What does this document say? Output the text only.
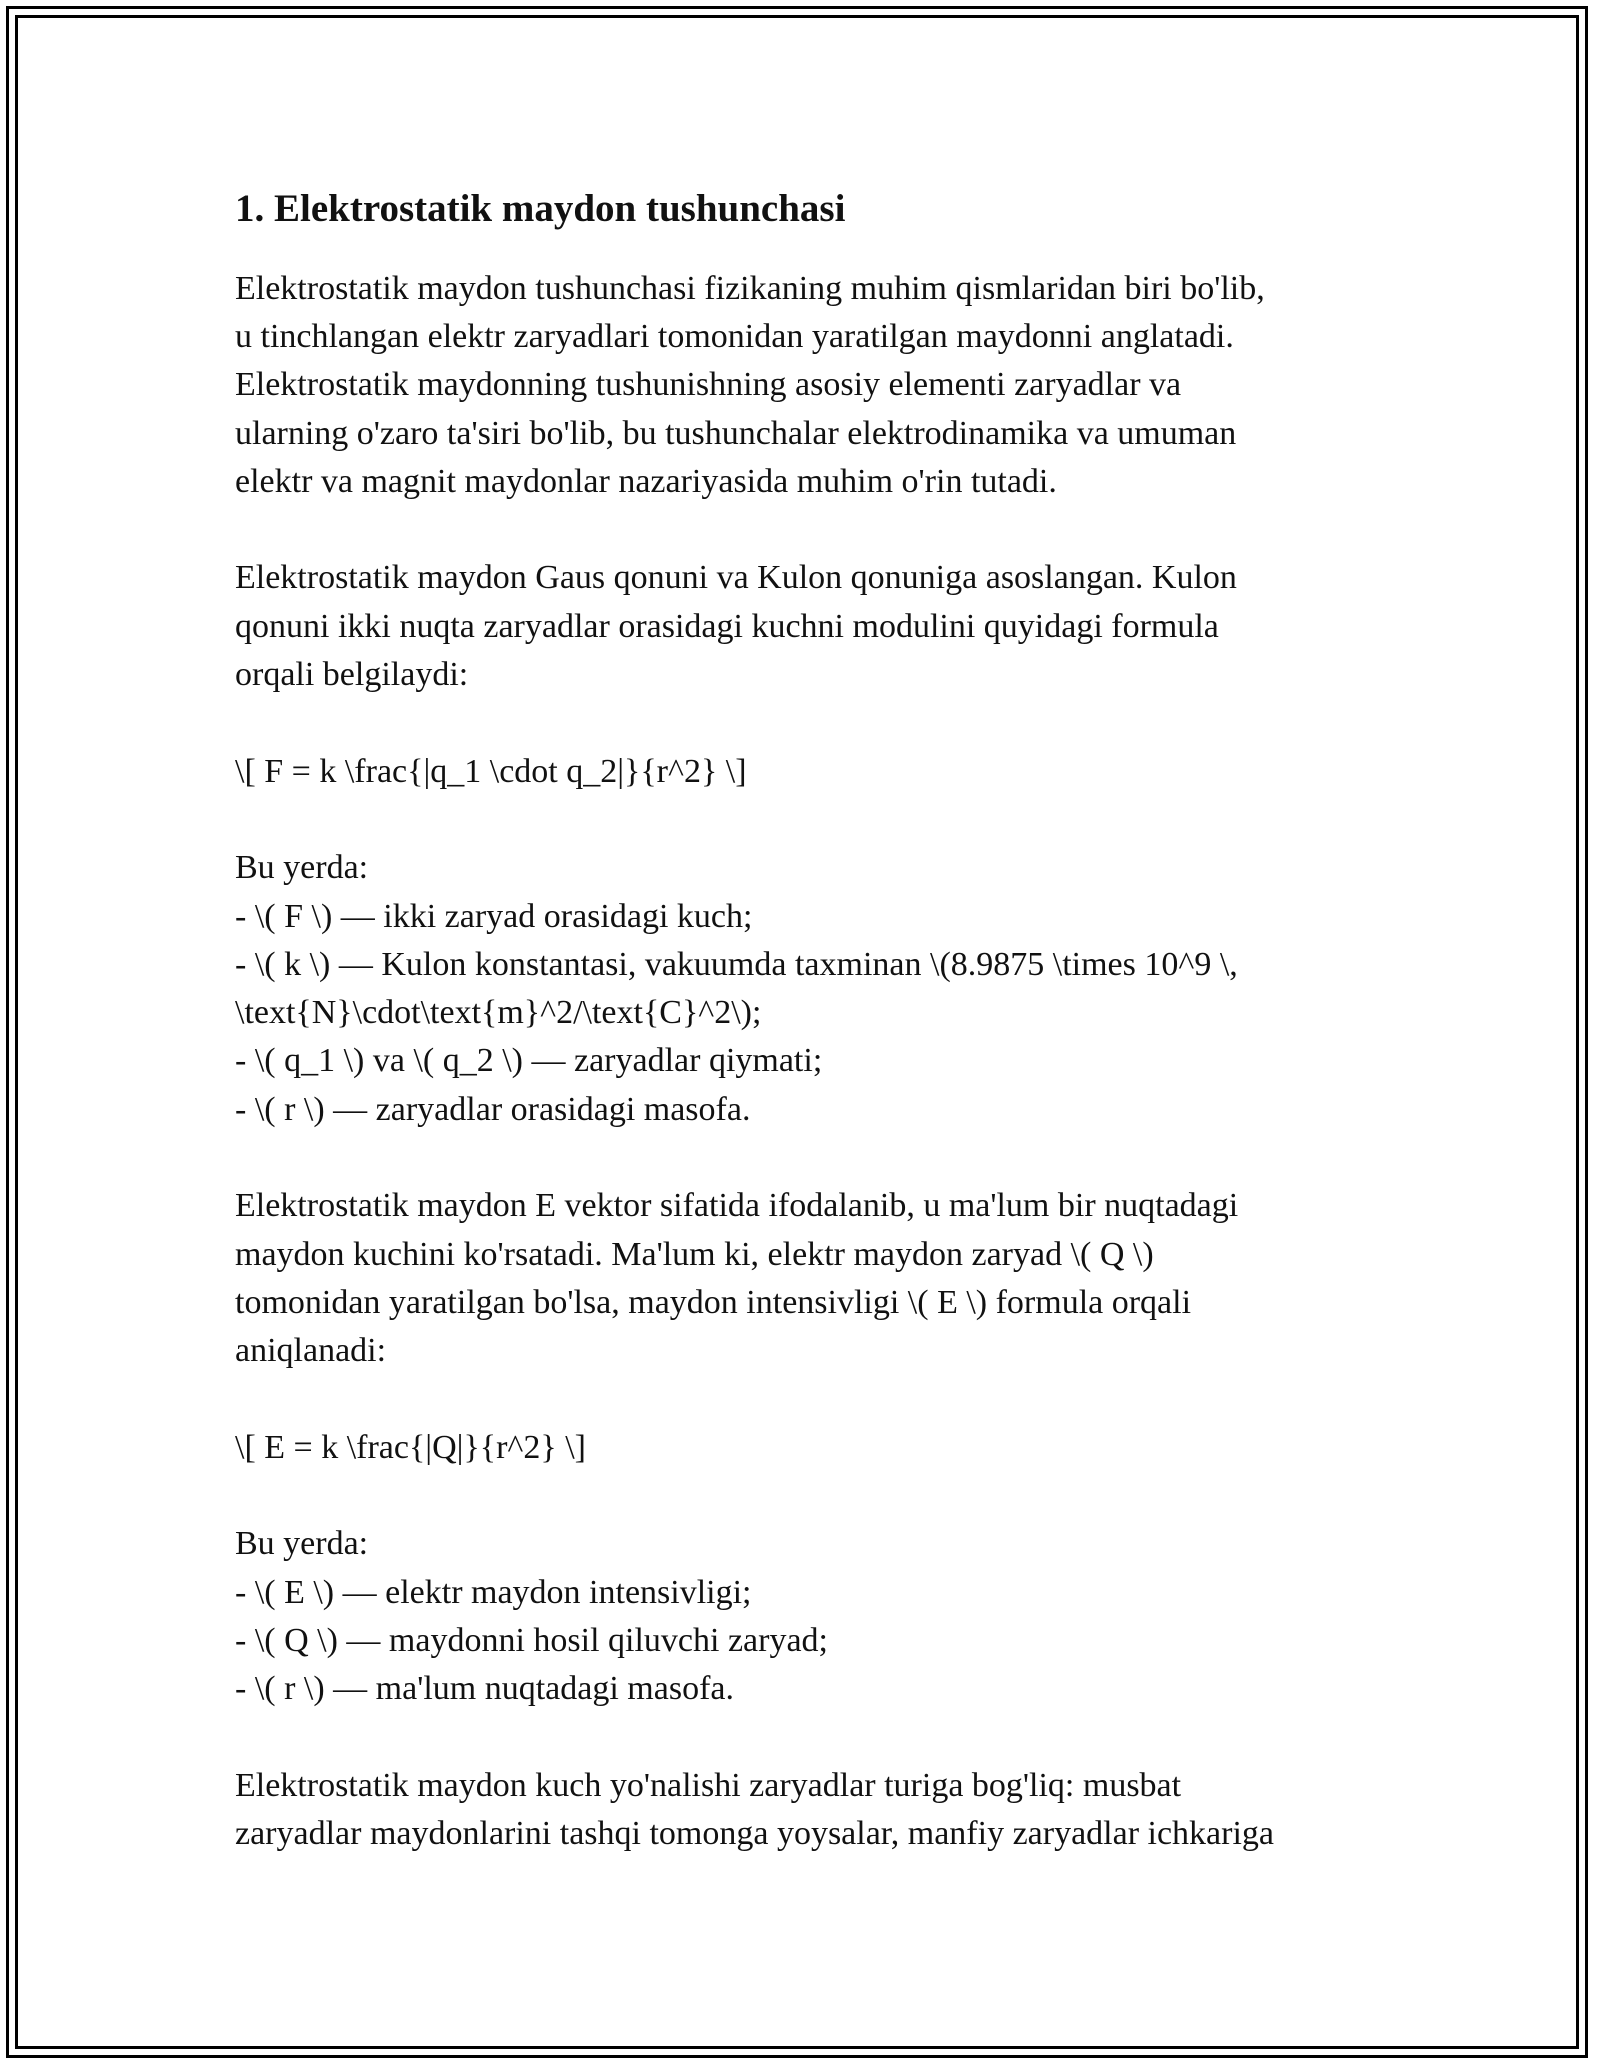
1. Elektrostatik maydon tushunchasi
Elektrostatik maydon tushunchasi fizikaning muhim qismlaridan biri bo'lib,
u tinchlangan elektr zaryadlari tomonidan yaratilgan maydonni anglatadi.
Elektrostatik maydonning tushunishning asosiy elementi zaryadlar va
ularning o'zaro ta'siri bo'lib, bu tushunchalar elektrodinamika va umuman
elektr va magnit maydonlar nazariyasida muhim o'rin tutadi.
Elektrostatik maydon Gaus qonuni va Kulon qonuniga asoslangan. Kulon
qonuni ikki nuqta zaryadlar orasidagi kuchni modulini quyidagi formula
orqali belgilaydi:
\[ F = k \frac{|q_1 \cdot q_2|}{r^2} \]
Bu yerda:
- \( F \) — ikki zaryad orasidagi kuch;
- \( k \) — Kulon konstantasi, vakuumda taxminan \(8.9875 \times 10^9 \,
\text{N}\cdot\text{m}^2/\text{C}^2\);
- \( q_1 \) va \( q_2 \) — zaryadlar qiymati;
- \( r \) — zaryadlar orasidagi masofa.
Elektrostatik maydon E vektor sifatida ifodalanib, u ma'lum bir nuqtadagi
maydon kuchini ko'rsatadi. Ma'lum ki, elektr maydon zaryad \( Q \)
tomonidan yaratilgan bo'lsa, maydon intensivligi \( E \) formula orqali
aniqlanadi:
\[ E = k \frac{|Q|}{r^2} \]
Bu yerda:
- \( E \) — elektr maydon intensivligi;
- \( Q \) — maydonni hosil qiluvchi zaryad;
- \( r \) — ma'lum nuqtadagi masofa.
Elektrostatik maydon kuch yo'nalishi zaryadlar turiga bog'liq: musbat
zaryadlar maydonlarini tashqi tomonga yoysalar, manfiy zaryadlar ichkariga
